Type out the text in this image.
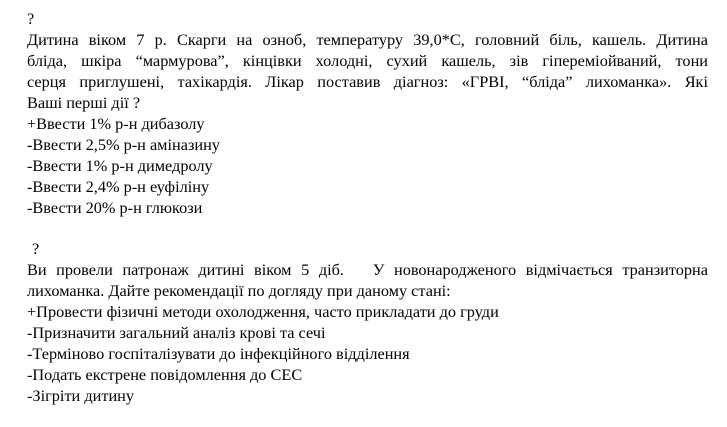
?
Дитина віком 7 р. Скарги на озноб, температуру 39,0*С, головний біль, кашель. Дитина
бліда, шкіра “мармурова”, кінцівки холодні, сухий кашель, зів гіпереміойваний, тони
серця приглушені, тахікардія. Лікар поставив діагноз: «ГРВІ, “бліда” лихоманка». Які
Ваші перші дії ?
+Ввести 1% р-н дибазолу
-Ввести 2,5% р-н аміназину
-Ввести 1% р-н димедролу
-Ввести 2,4% р-н еуфіліну
-Ввести 20% р-н глюкози
?
Ви провели патронаж дитині віком 5 діб.   У новонародженого відмічається транзиторна
лихоманка. Дайте рекомендації по догляду при даному стані:
+Провести фізичні методи охолодження, часто прикладати до груди
-Призначити загальний аналіз крові та сечі
-Терміново госпіталізувати до інфекційного відділення
-Подать екстрене повідомлення до СЕС
-Зігріти дитину
